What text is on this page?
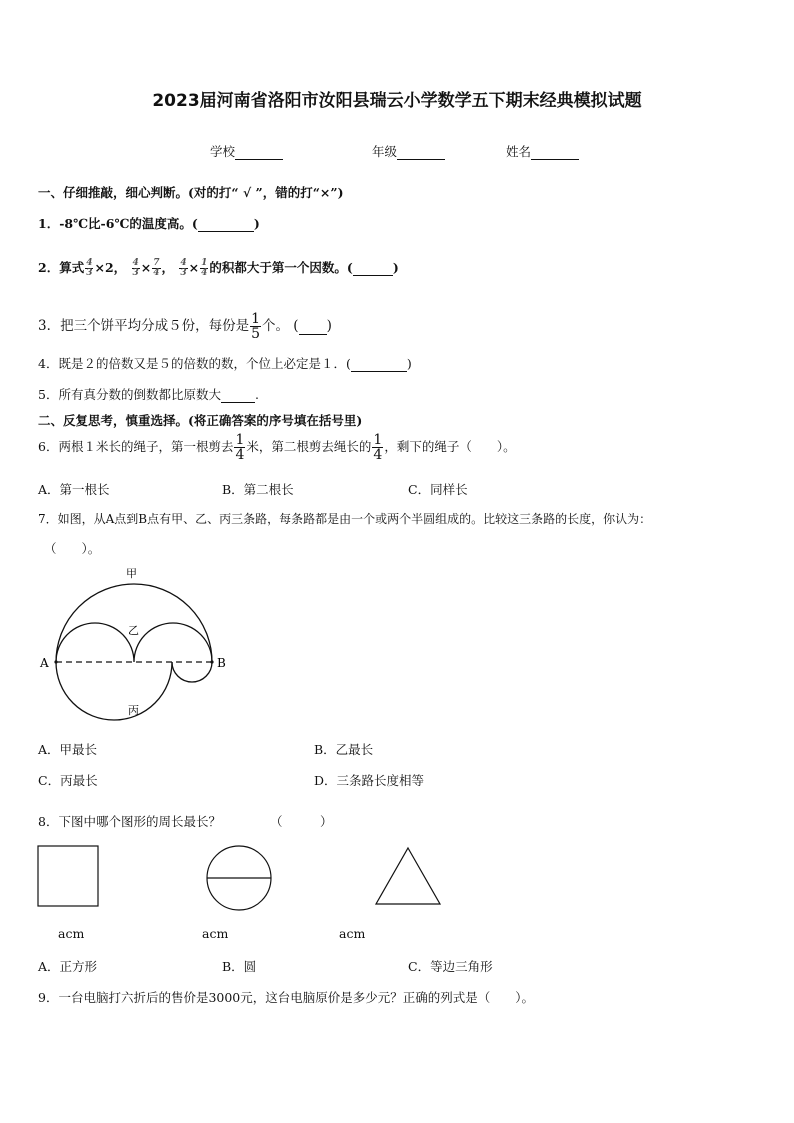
2023届河南省洛阳市汝阳县瑞云小学数学五下期末经典模拟试题
学校	年级	姓名
一、仔细推敲，细心判断。(对的打“ √ ”，错的打“×”)
1．-8℃比-6℃的温度高。(	)
2．算式 $\frac{4}{3} \times 2$， $\frac{4}{3} \times \frac{7}{4}$ ， $\frac{4}{3} \times \frac{1}{4}$ 的积都大于第一个因数。(	)
3．把三个饼平均分成５份，每份是 $\frac{1}{5}$ 个。 ( )
4．既是２的倍数又是５的倍数的数，个位上必定是１．(	)
5．所有真分数的倒数都比原数大	.
二、反复思考，慎重选择。(将正确答案的序号填在括号里)
6．两根１米长的绳子，第一根剪去 $\frac{1}{4}$ 米，第二根剪去绳长的 $\frac{1}{4}$ ，剩下的绳子（　　）。
A．第一根长	B．第二根长	C．同样长
7．如图，从A点到B点有甲、乙、丙三条路，每条路都是由一个或两个半圆组成的。比较这三条路的长度，你认为：
（　　）。
甲
乙
丙
A	B
A．甲最长	B．乙最长
C．丙最长	D．三条路长度相等
8．下图中哪个图形的周长最长？	（　　　）
acm	acm	acm
A．正方形	B．圆	C．等边三角形
9．一台电脑打六折后的售价是3000元，这台电脑原价是多少元？正确的列式是（　　）。
